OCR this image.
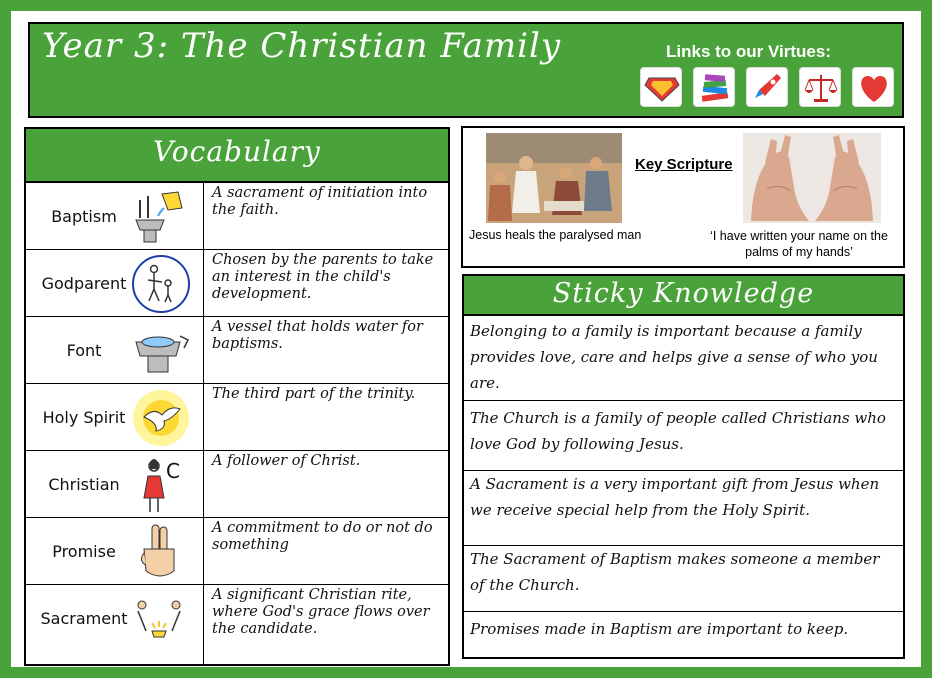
Year 3: The Christian Family	Links to our Virtues:
Vocabulary
Baptism
A sacrament of initiation into the faith.
Godparent
Chosen by the parents to take an interest in the child's development.
Font
A vessel that holds water for baptisms.
Holy Spirit
The third part of the trinity.
Christian
C A follower of Christ.
Promise
A commitment to do or not do something
Sacrament
A significant Christian rite, where God's grace flows over the candidate.
Key Scripture
Jesus heals the paralysed man	‘I have written your name on the palms of my hands’
Sticky Knowledge
Belonging to a family is important because a family provides love, care and helps give a sense of who you are.
The Church is a family of people called Christians who love God by following Jesus.
A Sacrament is a very important gift from Jesus when we receive special help from the Holy Spirit.
The Sacrament of Baptism makes someone a member of the Church.
Promises made in Baptism are important to keep.
